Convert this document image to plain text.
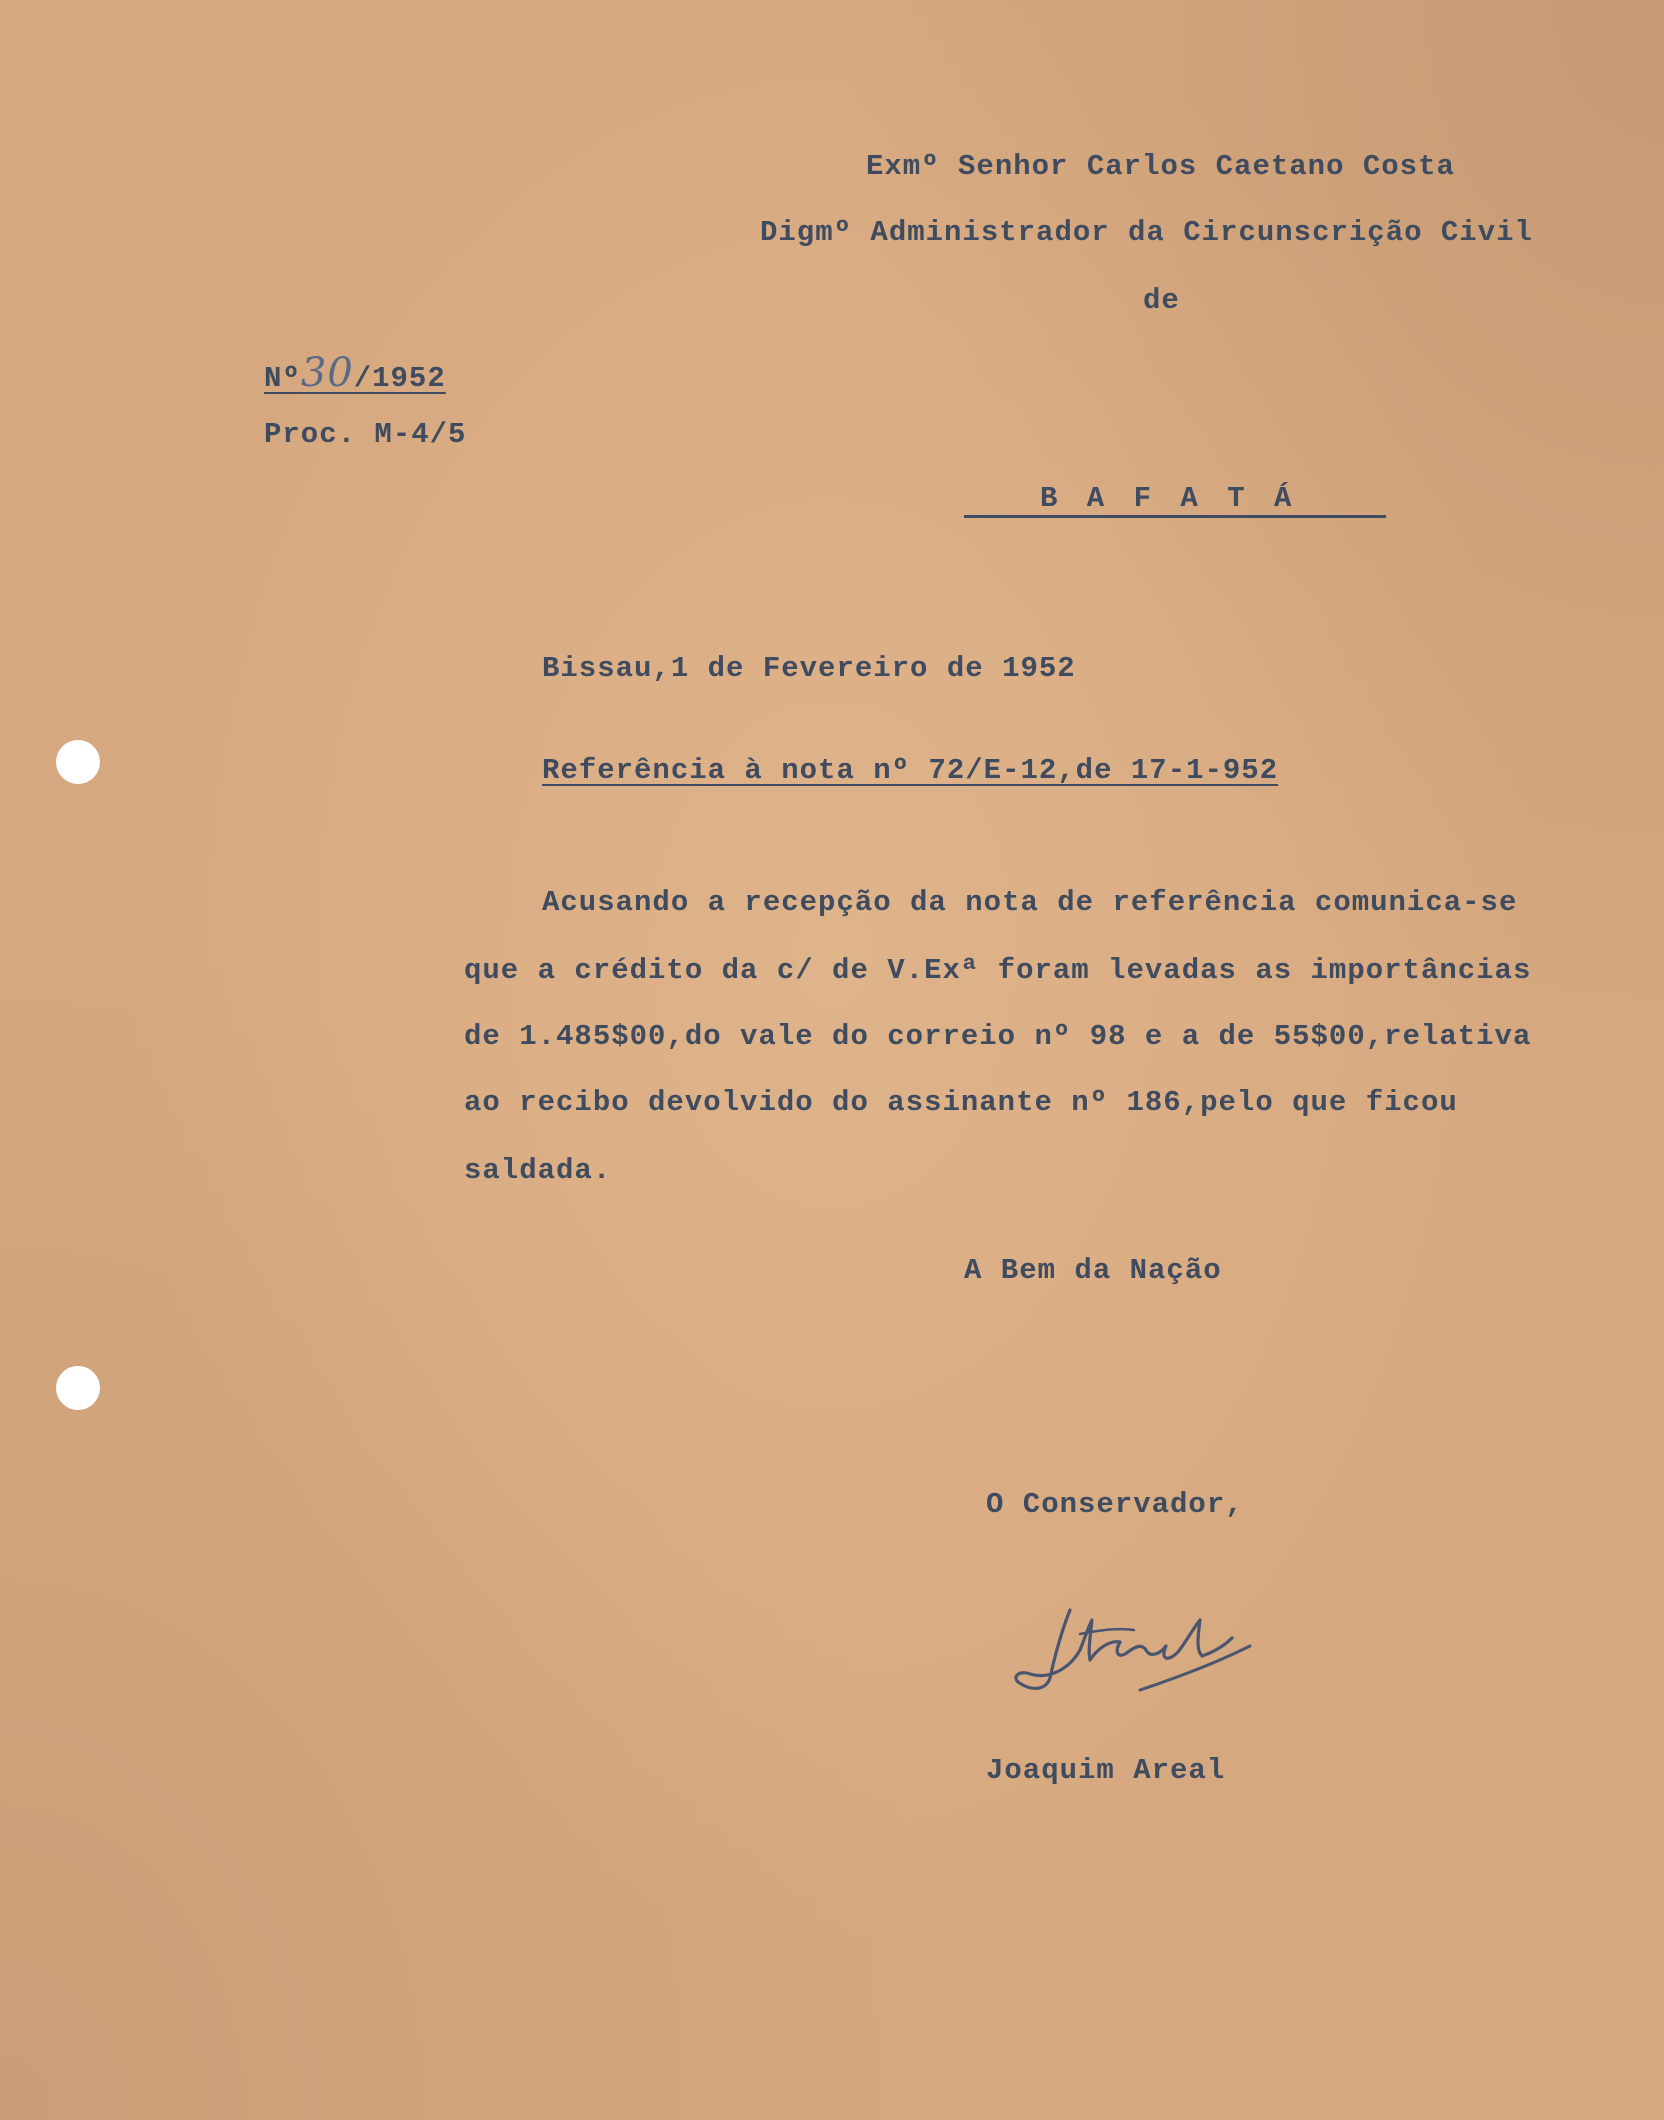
Exmº Senhor Carlos Caetano Costa
Digmº Administrador da Circunscrição Civil
de
Nº30/1952
Proc. M-4/5
B A F A T Á
Bissau,1 de Fevereiro de 1952
Referência à nota nº 72/E-12,de 17-1-952
Acusando a recepção da nota de referência comunica-se
que a crédito da c/ de V.Exª foram levadas as importâncias
de 1.485$00,do vale do correio nº 98 e a de 55$00,relativa
ao recibo devolvido do assinante nº 186,pelo que ficou
saldada.
A Bem da Nação
O Conservador,
Joaquim Areal
